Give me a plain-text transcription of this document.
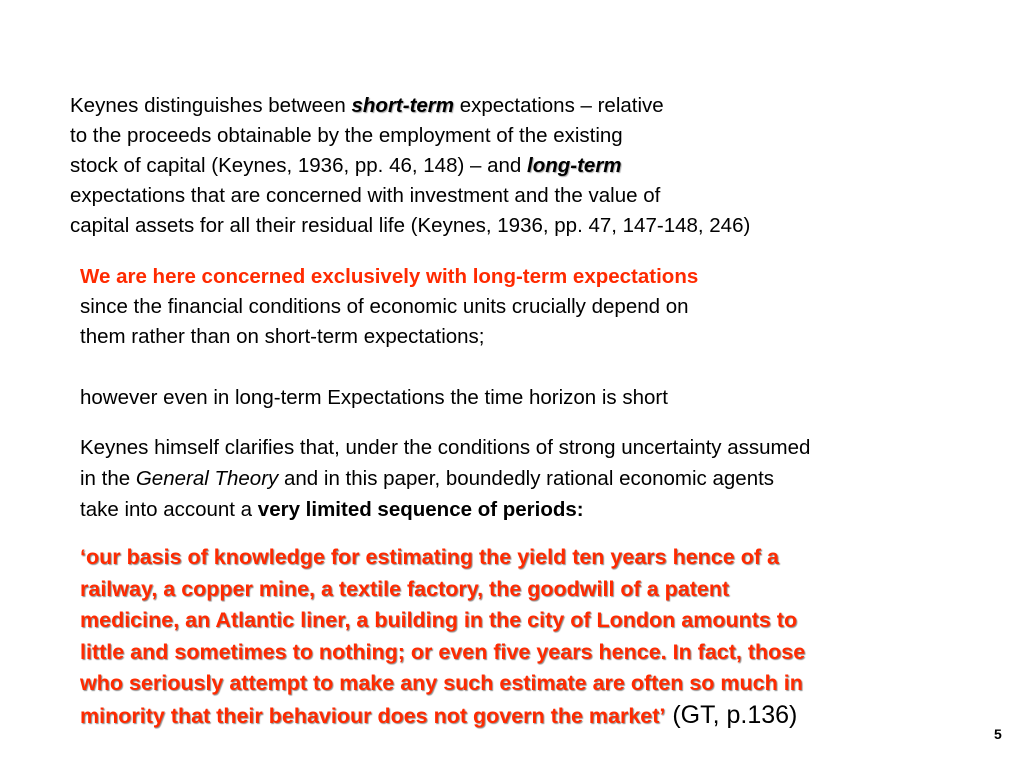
Keynes distinguishes between short-term expectations – relative
to the proceeds obtainable by the employment of the existing
stock of capital (Keynes, 1936, pp. 46, 148) – and long-term
expectations that are concerned with investment and the value of
capital assets for all their residual life (Keynes, 1936, pp. 47, 147-148, 246)
We are here concerned exclusively with long-term expectations
since the financial conditions of economic units crucially depend on
them rather than on short-term expectations;
however even in long-term Expectations the time horizon is short
Keynes himself clarifies that, under the conditions of strong uncertainty assumed
in the General Theory and in this paper, boundedly rational economic agents
take into account a very limited sequence of periods:
‘our basis of knowledge for estimating the yield ten years hence of a
railway, a copper mine, a textile factory, the goodwill of a patent
medicine, an Atlantic liner, a building in the city of London amounts to
little and sometimes to nothing; or even five years hence. In fact, those
who seriously attempt to make any such estimate are often so much in
minority that their behaviour does not govern the market’ (GT, p.136)
5
